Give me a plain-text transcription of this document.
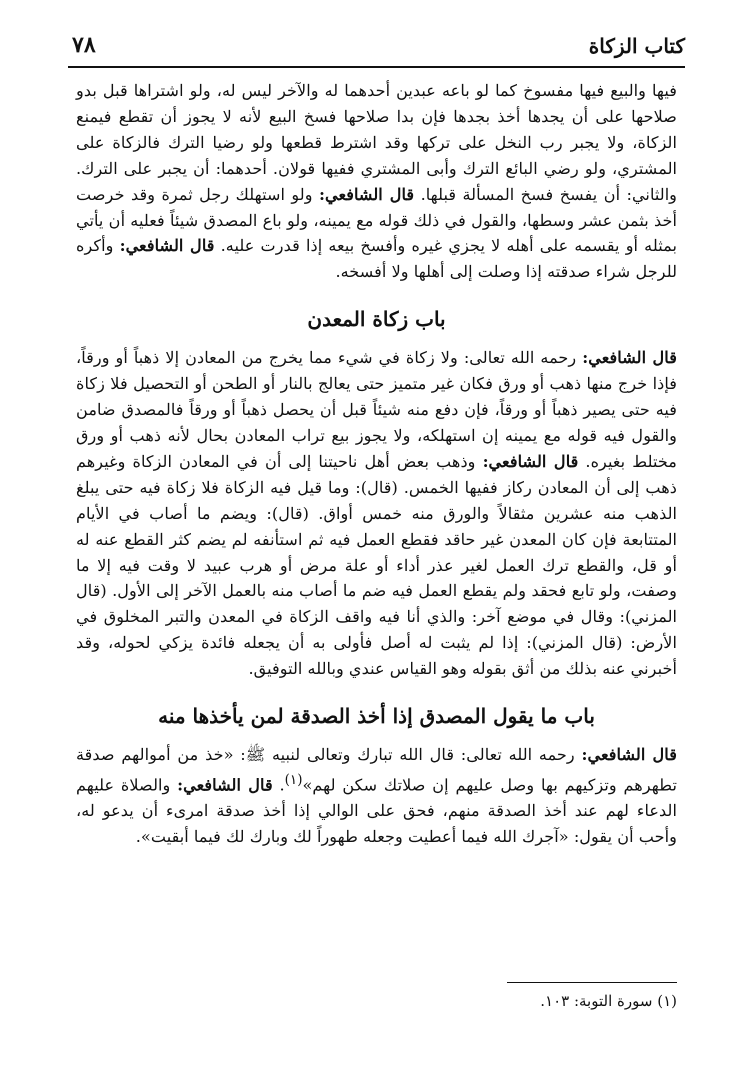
كتاب الزكاة
٧٨

فيها والبيع فيها مفسوخ كما لو باعه عبدين أحدهما له والآخر ليس له، ولو اشتراها قبل بدو صلاحها على أن يجدها أخذ بجدها فإن بدا صلاحها فسخ البيع لأنه لا يجوز أن تقطع فيمنع الزكاة، ولا يجبر رب النخل على تركها وقد اشترط قطعها ولو رضيا الترك فالزكاة على المشتري، ولو رضي البائع الترك وأبى المشتري ففيها قولان. أحدهما: أن يجبر على الترك. والثاني: أن يفسخ فسخ المسألة قبلها. قال الشافعي: ولو استهلك رجل ثمرة وقد خرصت أخذ بثمن عشر وسطها، والقول في ذلك قوله مع يمينه، ولو باع المصدق شيئاً فعليه أن يأتي بمثله أو يقسمه على أهله لا يجزي غيره وأفسخ بيعه إذا قدرت عليه. قال الشافعي: وأكره للرجل شراء صدقته إذا وصلت إلى أهلها ولا أفسخه.

باب زكاة المعدن

قال الشافعي: رحمه الله تعالى: ولا زكاة في شيء مما يخرج من المعادن إلا ذهباً أو ورقاً، فإذا خرج منها ذهب أو ورق فكان غير متميز حتى يعالج بالنار أو الطحن أو التحصيل فلا زكاة فيه حتى يصير ذهباً أو ورقاً، فإن دفع منه شيئاً قبل أن يحصل ذهباً أو ورقاً فالمصدق ضامن والقول فيه قوله مع يمينه إن استهلكه، ولا يجوز بيع تراب المعادن بحال لأنه ذهب أو ورق مختلط بغيره. قال الشافعي: وذهب بعض أهل ناحيتنا إلى أن في المعادن الزكاة وغيرهم ذهب إلى أن المعادن ركاز ففيها الخمس. (قال): وما قيل فيه الزكاة فلا زكاة فيه حتى يبلغ الذهب منه عشرين مثقالاً والورق منه خمس أواق. (قال): ويضم ما أصاب في الأيام المتتابعة فإن كان المعدن غير حاقد فقطع العمل فيه ثم استأنفه لم يضم كثر القطع عنه له أو قل، والقطع ترك العمل لغير عذر أداء أو علة مرض أو هرب عبيد لا وقت فيه إلا ما وصفت، ولو تابع فحقد ولم يقطع العمل فيه ضم ما أصاب منه بالعمل الآخر إلى الأول. (قال المزني): وقال في موضع آخر: والذي أنا فيه واقف الزكاة في المعدن والتبر المخلوق في الأرض: (قال المزني): إذا لم يثبت له أصل فأولى به أن يجعله فائدة يزكي لحوله، وقد أخبرني عنه بذلك من أثق بقوله وهو القياس عندي وبالله التوفيق.

باب ما يقول المصدق إذا أخذ الصدقة لمن يأخذها منه

قال الشافعي: رحمه الله تعالى: قال الله تبارك وتعالى لنبيه ﷺ: «خذ من أموالهم صدقة تطهرهم وتزكيهم بها وصل عليهم إن صلاتك سكن لهم»$^{(١)}$. قال الشافعي: والصلاة عليهم الدعاء لهم عند أخذ الصدقة منهم، فحق على الوالي إذا أخذ صدقة امرىء أن يدعو له، وأحب أن يقول: «آجرك الله فيما أعطيت وجعله طهوراً لك وبارك لك فيما أبقيت».

(١) سورة التوبة: ١٠٣.
